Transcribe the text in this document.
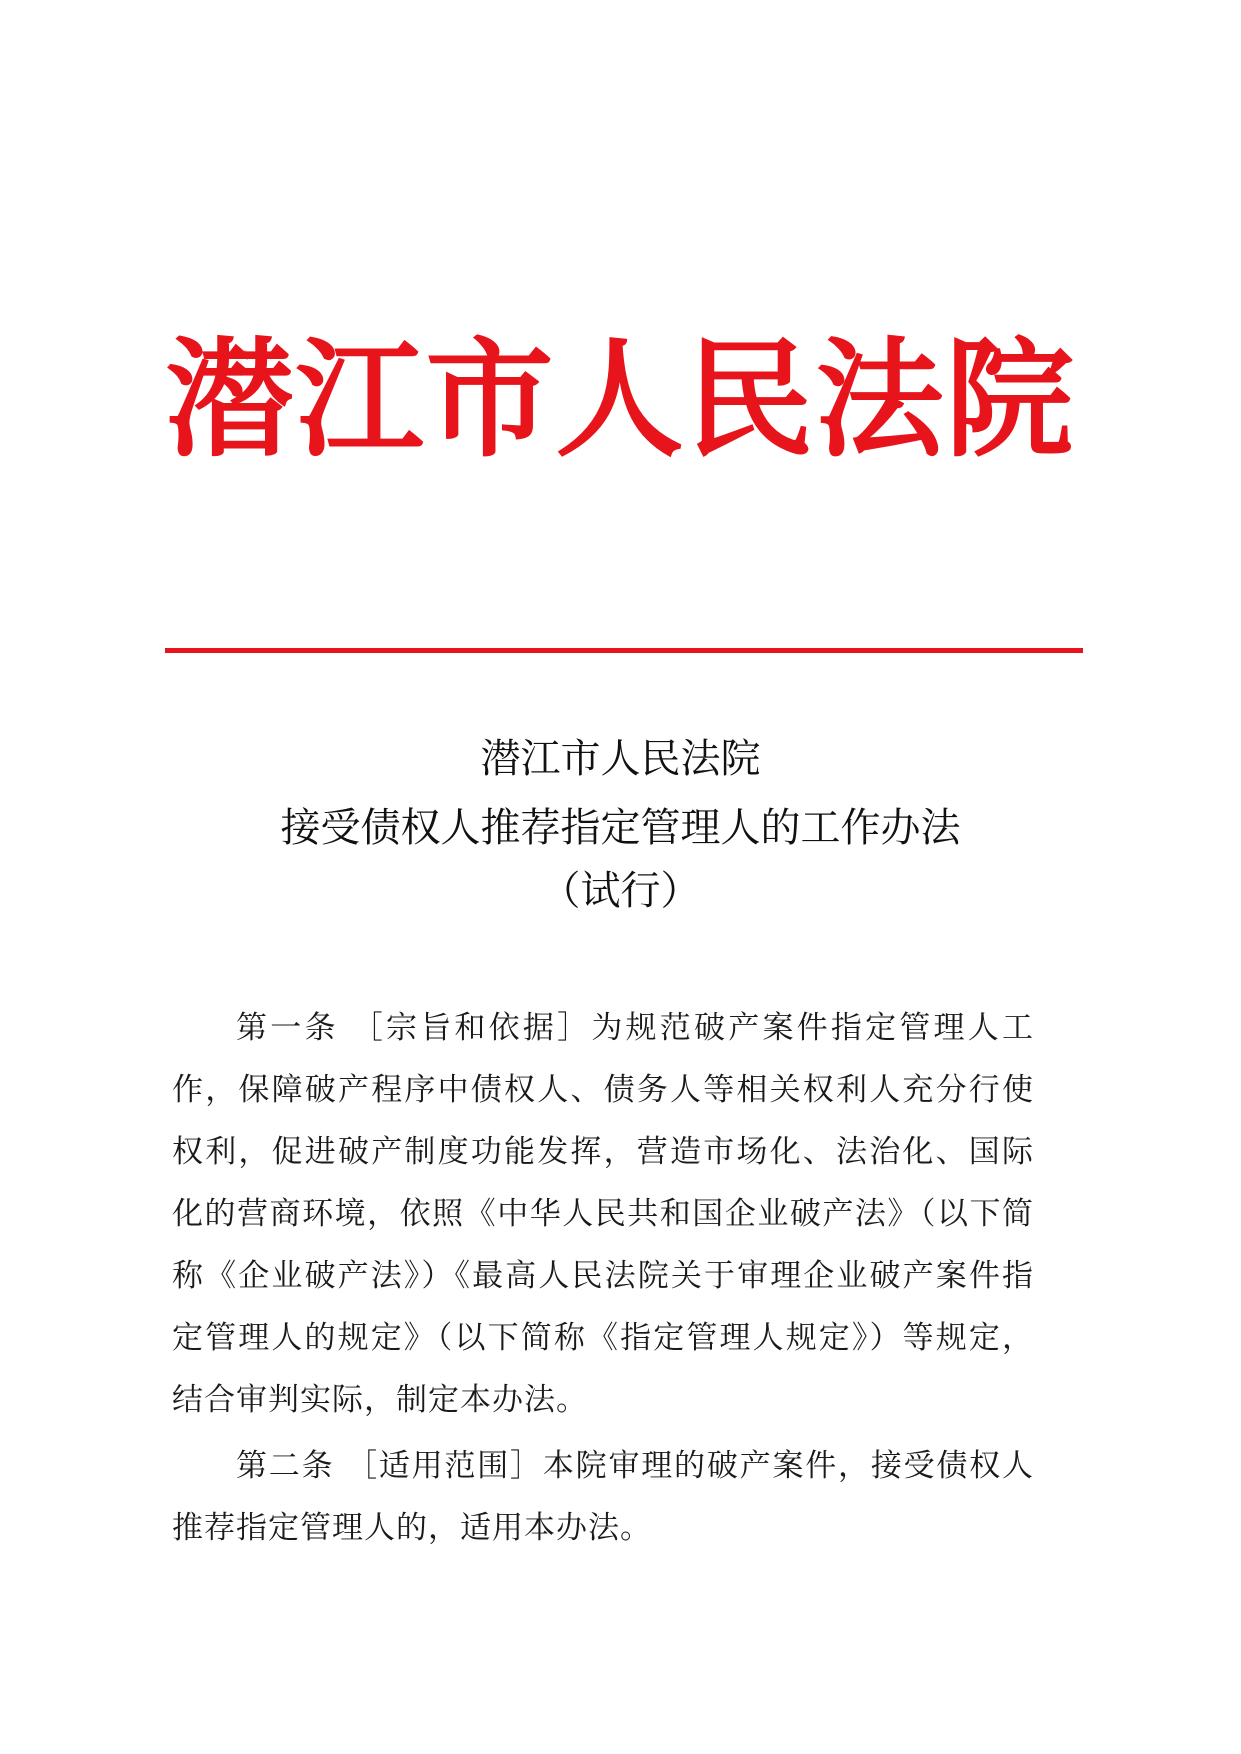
潜江市人民法院
潜江市人民法院
接受债权人推荐指定管理人的工作办法
（试行）

第一条 ［宗旨和依据］为规范破产案件指定管理人工作，保障破产程序中债权人、债务人等相关权利人充分行使权利，促进破产制度功能发挥，营造市场化、法治化、国际化的营商环境，依照《中华人民共和国企业破产法》（以下简称《企业破产法》）《最高人民法院关于审理企业破产案件指定管理人的规定》（以下简称《指定管理人规定》）等规定，结合审判实际，制定本办法。

第二条 ［适用范围］本院审理的破产案件，接受债权人推荐指定管理人的，适用本办法。
